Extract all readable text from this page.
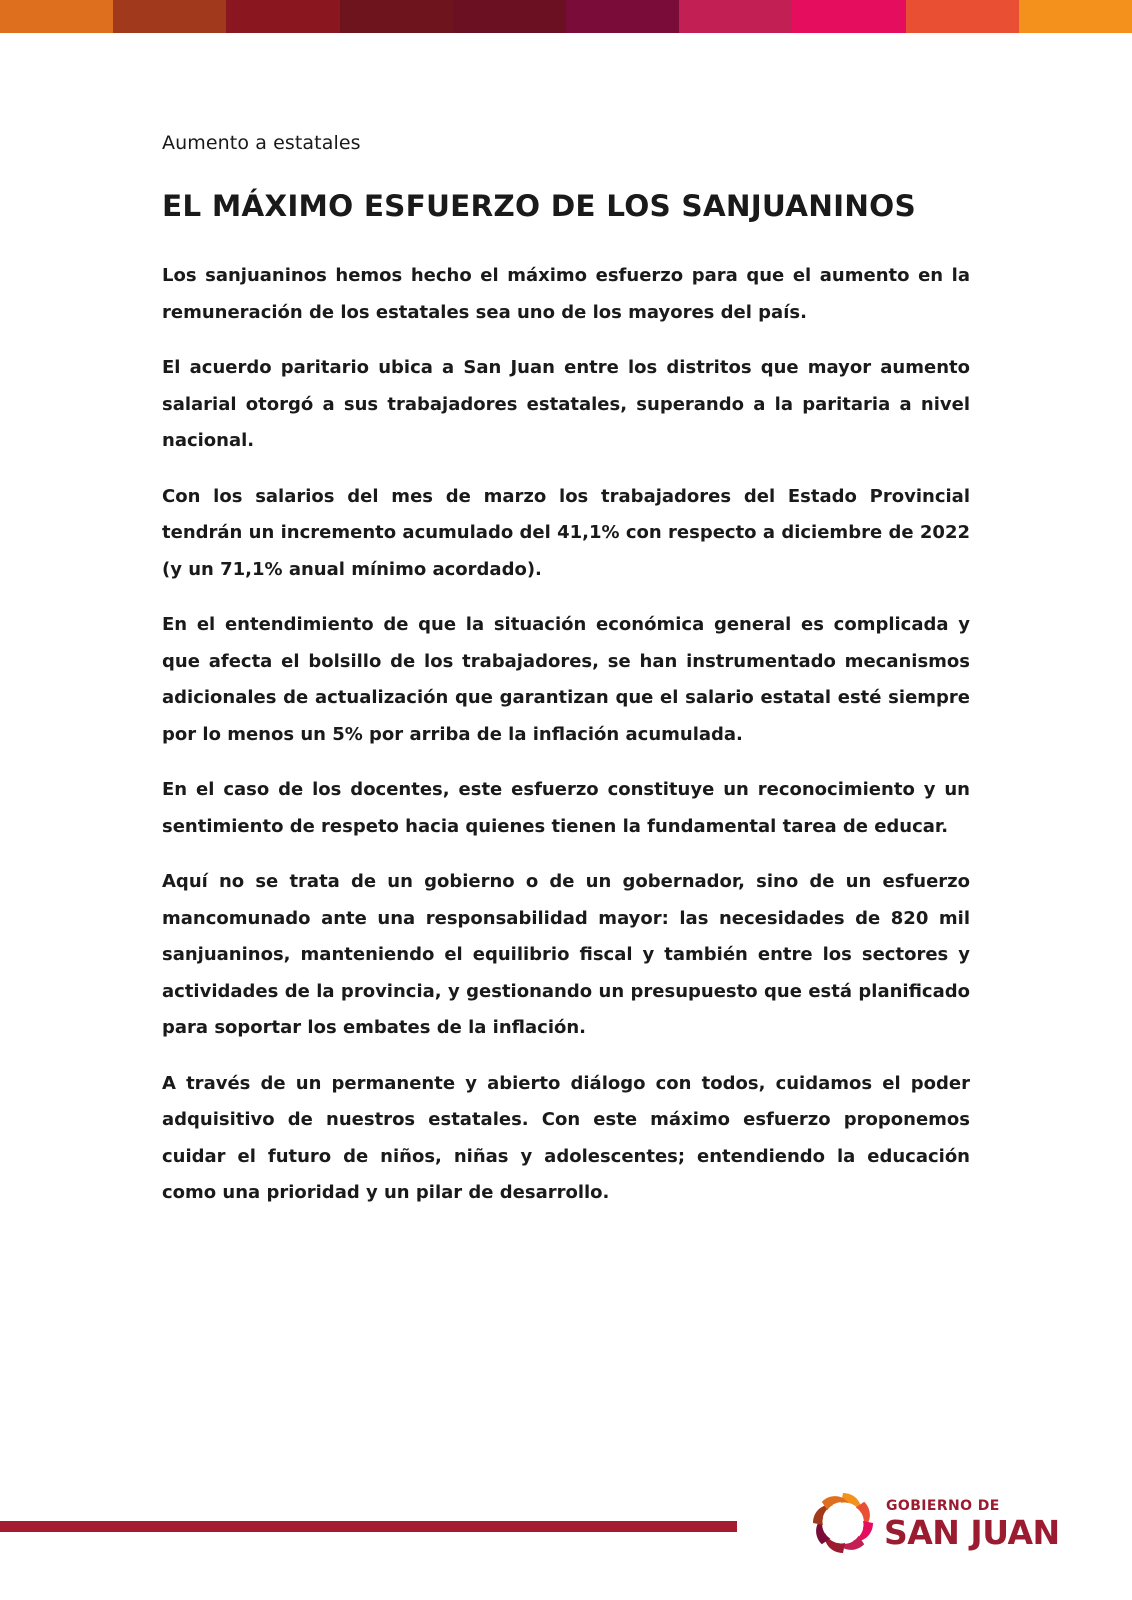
Aumento a estatales

EL MÁXIMO ESFUERZO DE LOS SANJUANINOS

Los sanjuaninos hemos hecho el máximo esfuerzo para que el aumento en la remuneración de los estatales sea uno de los mayores del país.

El acuerdo paritario ubica a San Juan entre los distritos que mayor aumento salarial otorgó a sus trabajadores estatales, superando a la paritaria a nivel nacional.

Con los salarios del mes de marzo los trabajadores del Estado Provincial tendrán un incremento acumulado del 41,1% con respecto a diciembre de 2022 (y un 71,1% anual mínimo acordado).

En el entendimiento de que la situación económica general es complicada y que afecta el bolsillo de los trabajadores, se han instrumentado mecanismos adicionales de actualización que garantizan que el salario estatal esté siempre por lo menos un 5% por arriba de la inflación acumulada.

En el caso de los docentes, este esfuerzo constituye un reconocimiento y un sentimiento de respeto hacia quienes tienen la fundamental tarea de educar.

Aquí no se trata de un gobierno o de un gobernador, sino de un esfuerzo mancomunado ante una responsabilidad mayor: las necesidades de 820 mil sanjuaninos, manteniendo el equilibrio fiscal y también entre los sectores y actividades de la provincia, y gestionando un presupuesto que está planificado para soportar los embates de la inflación.

A través de un permanente y abierto diálogo con todos, cuidamos el poder adquisitivo de nuestros estatales. Con este máximo esfuerzo proponemos cuidar el futuro de niños, niñas y adolescentes; entendiendo la educación como una prioridad y un pilar de desarrollo.

GOBIERNO DE
SAN JUAN
